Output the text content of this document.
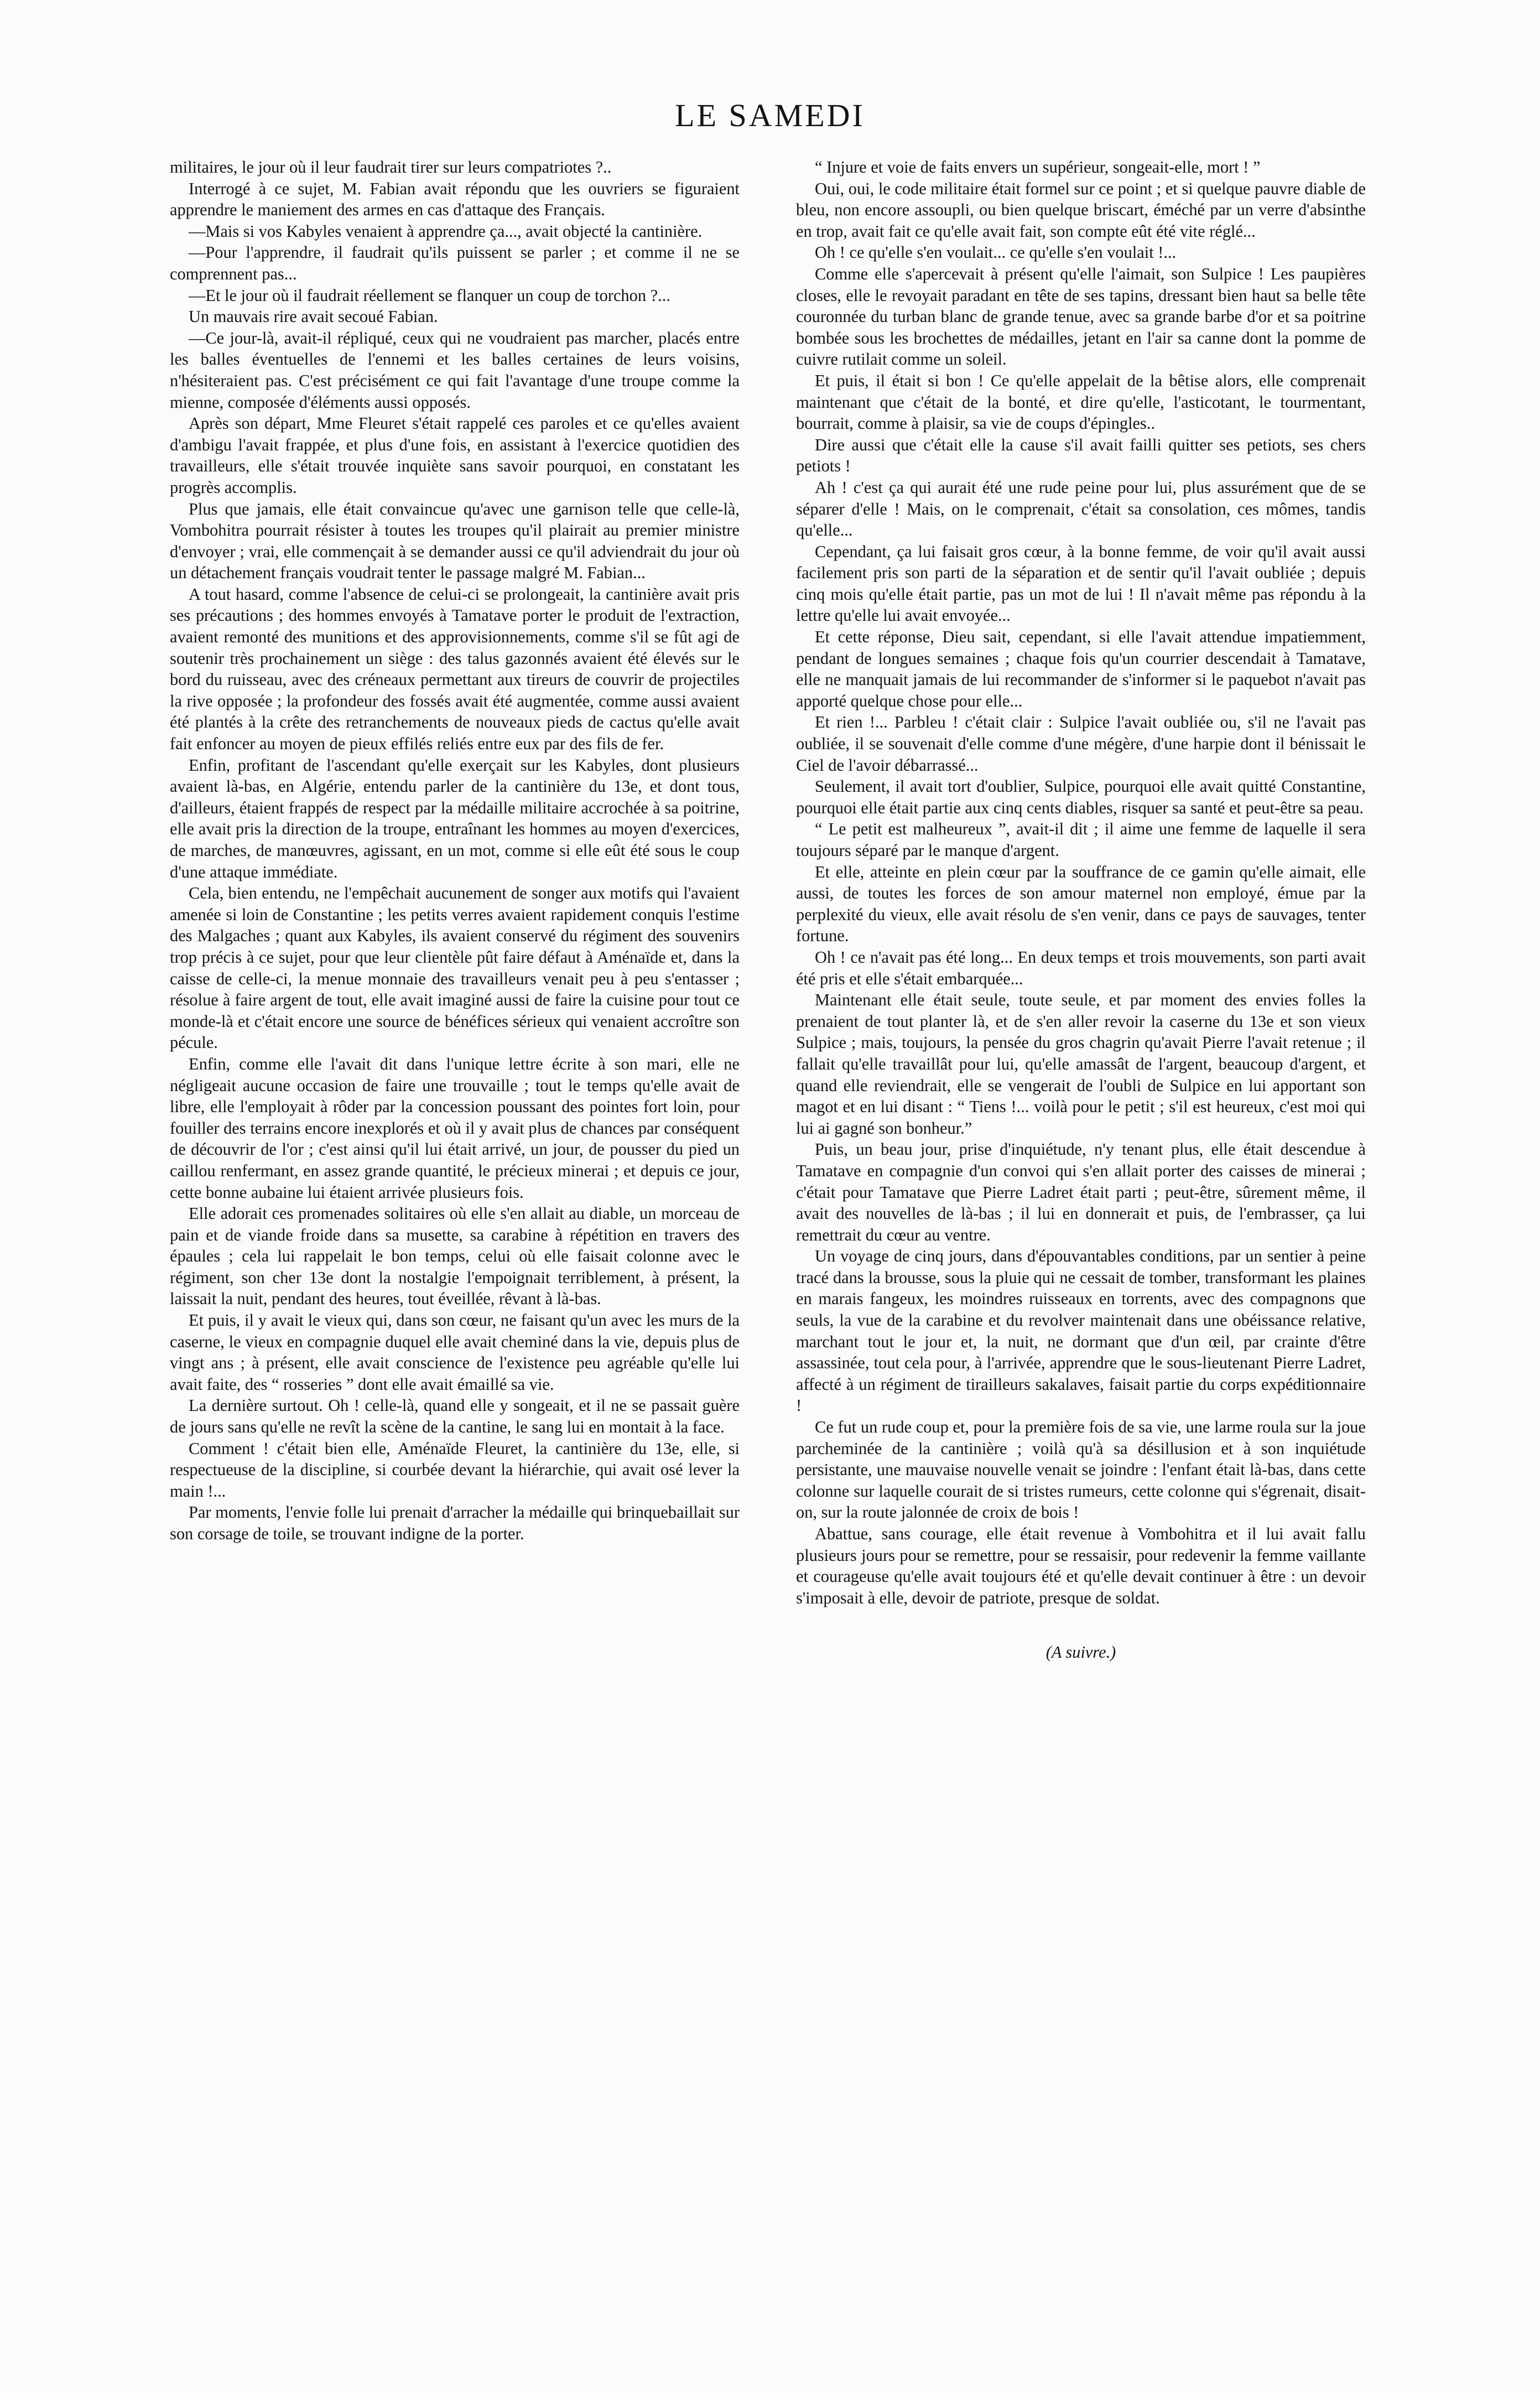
LE SAMEDI

militaires, le jour où il leur faudrait tirer sur leurs compatriotes ?..

Interrogé à ce sujet, M. Fabian avait répondu que les ouvriers se figuraient apprendre le maniement des armes en cas d'attaque des Français.

—Mais si vos Kabyles venaient à apprendre ça..., avait objecté la cantinière.

—Pour l'apprendre, il faudrait qu'ils puissent se parler ; et comme il ne se comprennent pas...

—Et le jour où il faudrait réellement se flanquer un coup de torchon ?...

Un mauvais rire avait secoué Fabian.

—Ce jour-là, avait-il répliqué, ceux qui ne voudraient pas marcher, placés entre les balles éventuelles de l'ennemi et les balles certaines de leurs voisins, n'hésiteraient pas. C'est précisément ce qui fait l'avantage d'une troupe comme la mienne, composée d'éléments aussi opposés.

Après son départ, Mme Fleuret s'était rappelé ces paroles et ce qu'elles avaient d'ambigu l'avait frappée, et plus d'une fois, en assistant à l'exercice quotidien des travailleurs, elle s'était trouvée inquiète sans savoir pourquoi, en constatant les progrès accomplis.

Plus que jamais, elle était convaincue qu'avec une garnison telle que celle-là, Vombohitra pourrait résister à toutes les troupes qu'il plairait au premier ministre d'envoyer ; vrai, elle commençait à se demander aussi ce qu'il adviendrait du jour où un détachement français voudrait tenter le passage malgré M. Fabian...

A tout hasard, comme l'absence de celui-ci se prolongeait, la cantinière avait pris ses précautions ; des hommes envoyés à Tamatave porter le produit de l'extraction, avaient remonté des munitions et des approvisionnements, comme s'il se fût agi de soutenir très prochainement un siège : des talus gazonnés avaient été élevés sur le bord du ruisseau, avec des créneaux permettant aux tireurs de couvrir de projectiles la rive opposée ; la profondeur des fossés avait été augmentée, comme aussi avaient été plantés à la crête des retranchements de nouveaux pieds de cactus qu'elle avait fait enfoncer au moyen de pieux effilés reliés entre eux par des fils de fer.

Enfin, profitant de l'ascendant qu'elle exerçait sur les Kabyles, dont plusieurs avaient là-bas, en Algérie, entendu parler de la cantinière du 13e, et dont tous, d'ailleurs, étaient frappés de respect par la médaille militaire accrochée à sa poitrine, elle avait pris la direction de la troupe, entraînant les hommes au moyen d'exercices, de marches, de manœuvres, agissant, en un mot, comme si elle eût été sous le coup d'une attaque immédiate.

Cela, bien entendu, ne l'empêchait aucunement de songer aux motifs qui l'avaient amenée si loin de Constantine ; les petits verres avaient rapidement conquis l'estime des Malgaches ; quant aux Kabyles, ils avaient conservé du régiment des souvenirs trop précis à ce sujet, pour que leur clientèle pût faire défaut à Aménaïde et, dans la caisse de celle-ci, la menue monnaie des travailleurs venait peu à peu s'entasser ; résolue à faire argent de tout, elle avait imaginé aussi de faire la cuisine pour tout ce monde-là et c'était encore une source de bénéfices sérieux qui venaient accroître son pécule.

Enfin, comme elle l'avait dit dans l'unique lettre écrite à son mari, elle ne négligeait aucune occasion de faire une trouvaille ; tout le temps qu'elle avait de libre, elle l'employait à rôder par la concession poussant des pointes fort loin, pour fouiller des terrains encore inexplorés et où il y avait plus de chances par conséquent de découvrir de l'or ; c'est ainsi qu'il lui était arrivé, un jour, de pousser du pied un caillou renfermant, en assez grande quantité, le précieux minerai ; et depuis ce jour, cette bonne aubaine lui étaient arrivée plusieurs fois.

Elle adorait ces promenades solitaires où elle s'en allait au diable, un morceau de pain et de viande froide dans sa musette, sa carabine à répétition en travers des épaules ; cela lui rappelait le bon temps, celui où elle faisait colonne avec le régiment, son cher 13e dont la nostalgie l'empoignait terriblement, à présent, la laissait la nuit, pendant des heures, tout éveillée, rêvant à là-bas.

Et puis, il y avait le vieux qui, dans son cœur, ne faisant qu'un avec les murs de la caserne, le vieux en compagnie duquel elle avait cheminé dans la vie, depuis plus de vingt ans ; à présent, elle avait conscience de l'existence peu agréable qu'elle lui avait faite, des “ rosseries ” dont elle avait émaillé sa vie.

La dernière surtout. Oh ! celle-là, quand elle y songeait, et il ne se passait guère de jours sans qu'elle ne revît la scène de la cantine, le sang lui en montait à la face.

Comment ! c'était bien elle, Aménaïde Fleuret, la cantinière du 13e, elle, si respectueuse de la discipline, si courbée devant la hiérarchie, qui avait osé lever la main !...

Par moments, l'envie folle lui prenait d'arracher la médaille qui brinquebaillait sur son corsage de toile, se trouvant indigne de la porter.

“ Injure et voie de faits envers un supérieur, songeait-elle, mort ! ”

Oui, oui, le code militaire était formel sur ce point ; et si quelque pauvre diable de bleu, non encore assoupli, ou bien quelque briscart, éméché par un verre d'absinthe en trop, avait fait ce qu'elle avait fait, son compte eût été vite réglé...

Oh ! ce qu'elle s'en voulait... ce qu'elle s'en voulait !...

Comme elle s'apercevait à présent qu'elle l'aimait, son Sulpice ! Les paupières closes, elle le revoyait paradant en tête de ses tapins, dressant bien haut sa belle tête couronnée du turban blanc de grande tenue, avec sa grande barbe d'or et sa poitrine bombée sous les brochettes de médailles, jetant en l'air sa canne dont la pomme de cuivre rutilait comme un soleil.

Et puis, il était si bon ! Ce qu'elle appelait de la bêtise alors, elle comprenait maintenant que c'était de la bonté, et dire qu'elle, l'asticotant, le tourmentant, bourrait, comme à plaisir, sa vie de coups d'épingles..

Dire aussi que c'était elle la cause s'il avait failli quitter ses petiots, ses chers petiots !

Ah ! c'est ça qui aurait été une rude peine pour lui, plus assurément que de se séparer d'elle ! Mais, on le comprenait, c'était sa consolation, ces mômes, tandis qu'elle...

Cependant, ça lui faisait gros cœur, à la bonne femme, de voir qu'il avait aussi facilement pris son parti de la séparation et de sentir qu'il l'avait oubliée ; depuis cinq mois qu'elle était partie, pas un mot de lui ! Il n'avait même pas répondu à la lettre qu'elle lui avait envoyée...

Et cette réponse, Dieu sait, cependant, si elle l'avait attendue impatiemment, pendant de longues semaines ; chaque fois qu'un courrier descendait à Tamatave, elle ne manquait jamais de lui recommander de s'informer si le paquebot n'avait pas apporté quelque chose pour elle...

Et rien !... Parbleu ! c'était clair : Sulpice l'avait oubliée ou, s'il ne l'avait pas oubliée, il se souvenait d'elle comme d'une mégère, d'une harpie dont il bénissait le Ciel de l'avoir débarrassé...

Seulement, il avait tort d'oublier, Sulpice, pourquoi elle avait quitté Constantine, pourquoi elle était partie aux cinq cents diables, risquer sa santé et peut-être sa peau.

“ Le petit est malheureux ”, avait-il dit ; il aime une femme de laquelle il sera toujours séparé par le manque d'argent.

Et elle, atteinte en plein cœur par la souffrance de ce gamin qu'elle aimait, elle aussi, de toutes les forces de son amour maternel non employé, émue par la perplexité du vieux, elle avait résolu de s'en venir, dans ce pays de sauvages, tenter fortune.

Oh ! ce n'avait pas été long... En deux temps et trois mouvements, son parti avait été pris et elle s'était embarquée...

Maintenant elle était seule, toute seule, et par moment des envies folles la prenaient de tout planter là, et de s'en aller revoir la caserne du 13e et son vieux Sulpice ; mais, toujours, la pensée du gros chagrin qu'avait Pierre l'avait retenue ; il fallait qu'elle travaillât pour lui, qu'elle amassât de l'argent, beaucoup d'argent, et quand elle reviendrait, elle se vengerait de l'oubli de Sulpice en lui apportant son magot et en lui disant : “ Tiens !... voilà pour le petit ; s'il est heureux, c'est moi qui lui ai gagné son bonheur.”

Puis, un beau jour, prise d'inquiétude, n'y tenant plus, elle était descendue à Tamatave en compagnie d'un convoi qui s'en allait porter des caisses de minerai ; c'était pour Tamatave que Pierre Ladret était parti ; peut-être, sûrement même, il avait des nouvelles de là-bas ; il lui en donnerait et puis, de l'embrasser, ça lui remettrait du cœur au ventre.

Un voyage de cinq jours, dans d'épouvantables conditions, par un sentier à peine tracé dans la brousse, sous la pluie qui ne cessait de tomber, transformant les plaines en marais fangeux, les moindres ruisseaux en torrents, avec des compagnons que seuls, la vue de la carabine et du revolver maintenait dans une obéissance relative, marchant tout le jour et, la nuit, ne dormant que d'un œil, par crainte d'être assassinée, tout cela pour, à l'arrivée, apprendre que le sous-lieutenant Pierre Ladret, affecté à un régiment de tirailleurs sakalaves, faisait partie du corps expéditionnaire !

Ce fut un rude coup et, pour la première fois de sa vie, une larme roula sur la joue parcheminée de la cantinière ; voilà qu'à sa désillusion et à son inquiétude persistante, une mauvaise nouvelle venait se joindre : l'enfant était là-bas, dans cette colonne sur laquelle courait de si tristes rumeurs, cette colonne qui s'égrenait, disait-on, sur la route jalonnée de croix de bois !

Abattue, sans courage, elle était revenue à Vombohitra et il lui avait fallu plusieurs jours pour se remettre, pour se ressaisir, pour redevenir la femme vaillante et courageuse qu'elle avait toujours été et qu'elle devait continuer à être : un devoir s'imposait à elle, devoir de patriote, presque de soldat.

(A suivre.)
